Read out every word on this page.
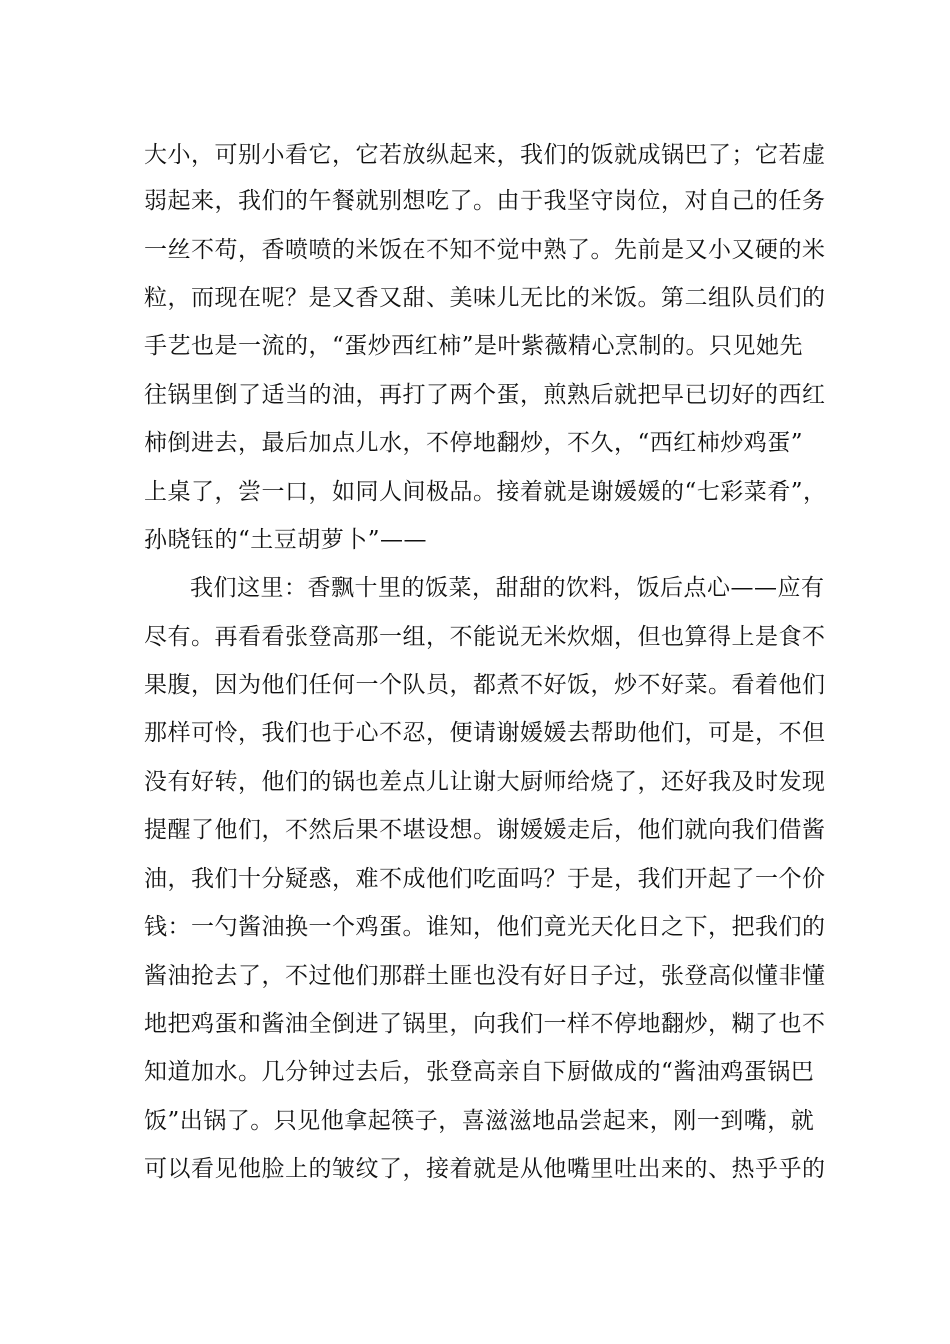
大小，可别小看它，它若放纵起来，我们的饭就成锅巴了；它若虚

弱起来，我们的午餐就别想吃了。由于我坚守岗位，对自己的任务

一丝不苟，香喷喷的米饭在不知不觉中熟了。先前是又小又硬的米

粒，而现在呢？是又香又甜、美味儿无比的米饭。第二组队员们的

手艺也是一流的，“蛋炒西红柿”是叶紫薇精心烹制的。只见她先

往锅里倒了适当的油，再打了两个蛋，煎熟后就把早已切好的西红

柿倒进去，最后加点儿水，不停地翻炒，不久，“西红柿炒鸡蛋”

上桌了，尝一口，如同人间极品。接着就是谢媛媛的“七彩菜肴”，

孙晓钰的“土豆胡萝卜”——

我们这里：香飘十里的饭菜，甜甜的饮料，饭后点心——应有

尽有。再看看张登高那一组，不能说无米炊烟，但也算得上是食不

果腹，因为他们任何一个队员，都煮不好饭，炒不好菜。看着他们

那样可怜，我们也于心不忍，便请谢媛媛去帮助他们，可是，不但

没有好转，他们的锅也差点儿让谢大厨师给烧了，还好我及时发现

提醒了他们，不然后果不堪设想。谢媛媛走后，他们就向我们借酱

油，我们十分疑惑，难不成他们吃面吗？于是，我们开起了一个价

钱：一勺酱油换一个鸡蛋。谁知，他们竟光天化日之下，把我们的

酱油抢去了，不过他们那群土匪也没有好日子过，张登高似懂非懂

地把鸡蛋和酱油全倒进了锅里，向我们一样不停地翻炒，糊了也不

知道加水。几分钟过去后，张登高亲自下厨做成的“酱油鸡蛋锅巴

饭”出锅了。只见他拿起筷子，喜滋滋地品尝起来，刚一到嘴，就

可以看见他脸上的皱纹了，接着就是从他嘴里吐出来的、热乎乎的
